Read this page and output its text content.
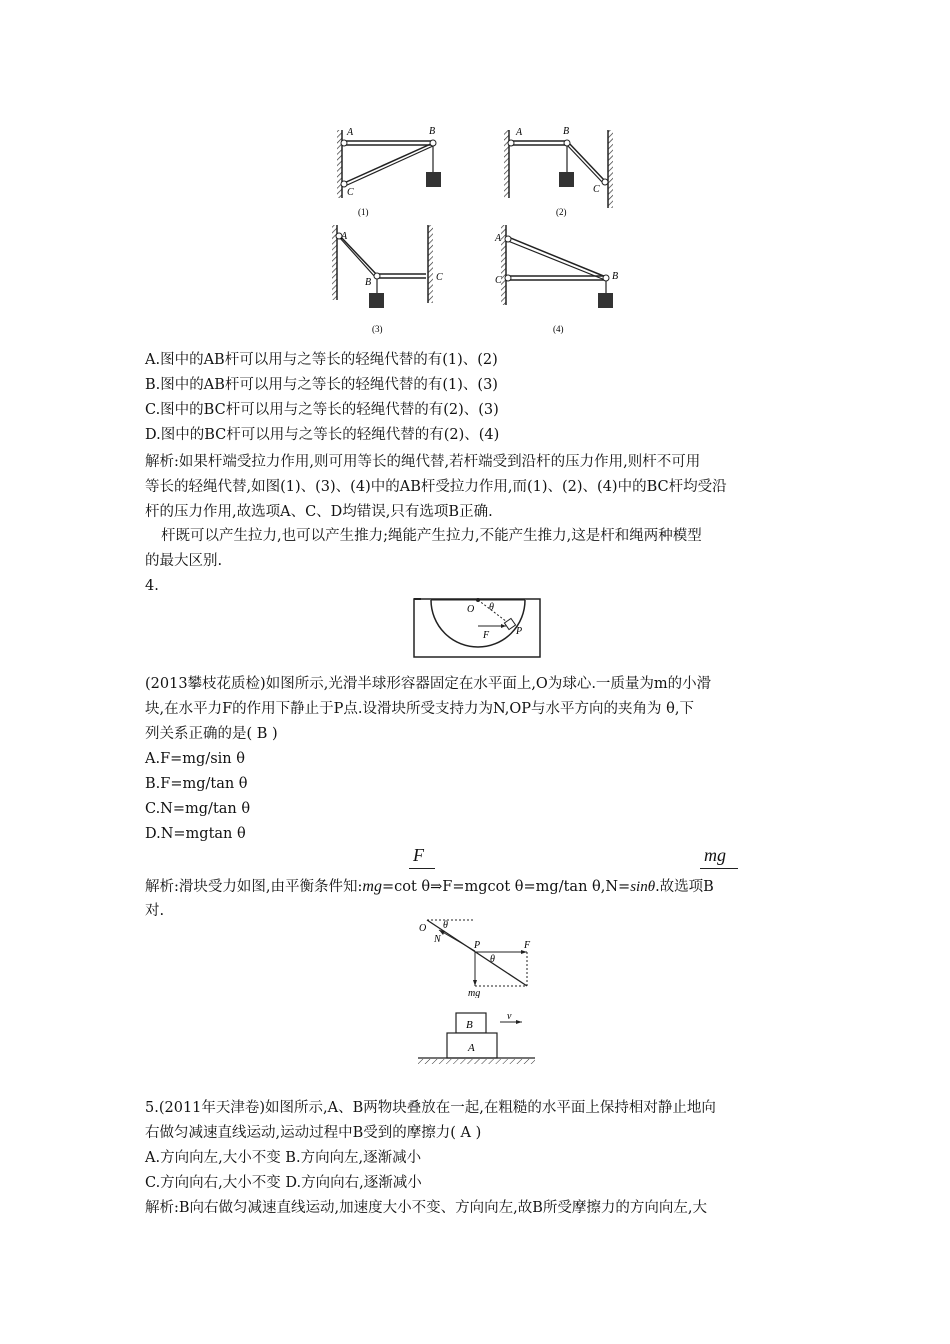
A	B
C
(1)
A	B
C
(2)
A
B	C
(3)
A
B
C
(4)
A.图中的AB杆可以用与之等长的轻绳代替的有(1)、(2)
B.图中的AB杆可以用与之等长的轻绳代替的有(1)、(3)
C.图中的BC杆可以用与之等长的轻绳代替的有(2)、(3)
D.图中的BC杆可以用与之等长的轻绳代替的有(2)、(4)
解析:如果杆端受拉力作用,则可用等长的绳代替,若杆端受到沿杆的压力作用,则杆不可用
等长的轻绳代替,如图(1)、(3)、(4)中的AB杆受拉力作用,而(1)、(2)、(4)中的BC杆均受沿
杆的压力作用,故选项A、C、D均错误,只有选项B正确.
杆既可以产生拉力,也可以产生推力;绳能产生拉力,不能产生推力,这是杆和绳两种模型
的最大区别.
4.
O θ
F	P
(2013攀枝花质检)如图所示,光滑半球形容器固定在水平面上,O为球心.一质量为m的小滑
块,在水平力F的作用下静止于P点.设滑块所受支持力为N,OP与水平方向的夹角为 θ,下
列关系正确的是( B )
A.F=mg/sin θ
B.F=mg/tan θ
C.N=mg/tan θ
D.N=mgtan θ
F	mg
解析:滑块受力如图,由平衡条件知:mg=cot θ⇒F=mgcot θ=mg/tan θ,N=sinθ.故选项B
对.
O
N
θ
P	F
θ
mg
B
A
v
5.(2011年天津卷)如图所示,A、B两物块叠放在一起,在粗糙的水平面上保持相对静止地向
右做匀减速直线运动,运动过程中B受到的摩擦力( A )
A.方向向左,大小不变 B.方向向左,逐渐减小
C.方向向右,大小不变 D.方向向右,逐渐减小
解析:B向右做匀减速直线运动,加速度大小不变、方向向左,故B所受摩擦力的方向向左,大
